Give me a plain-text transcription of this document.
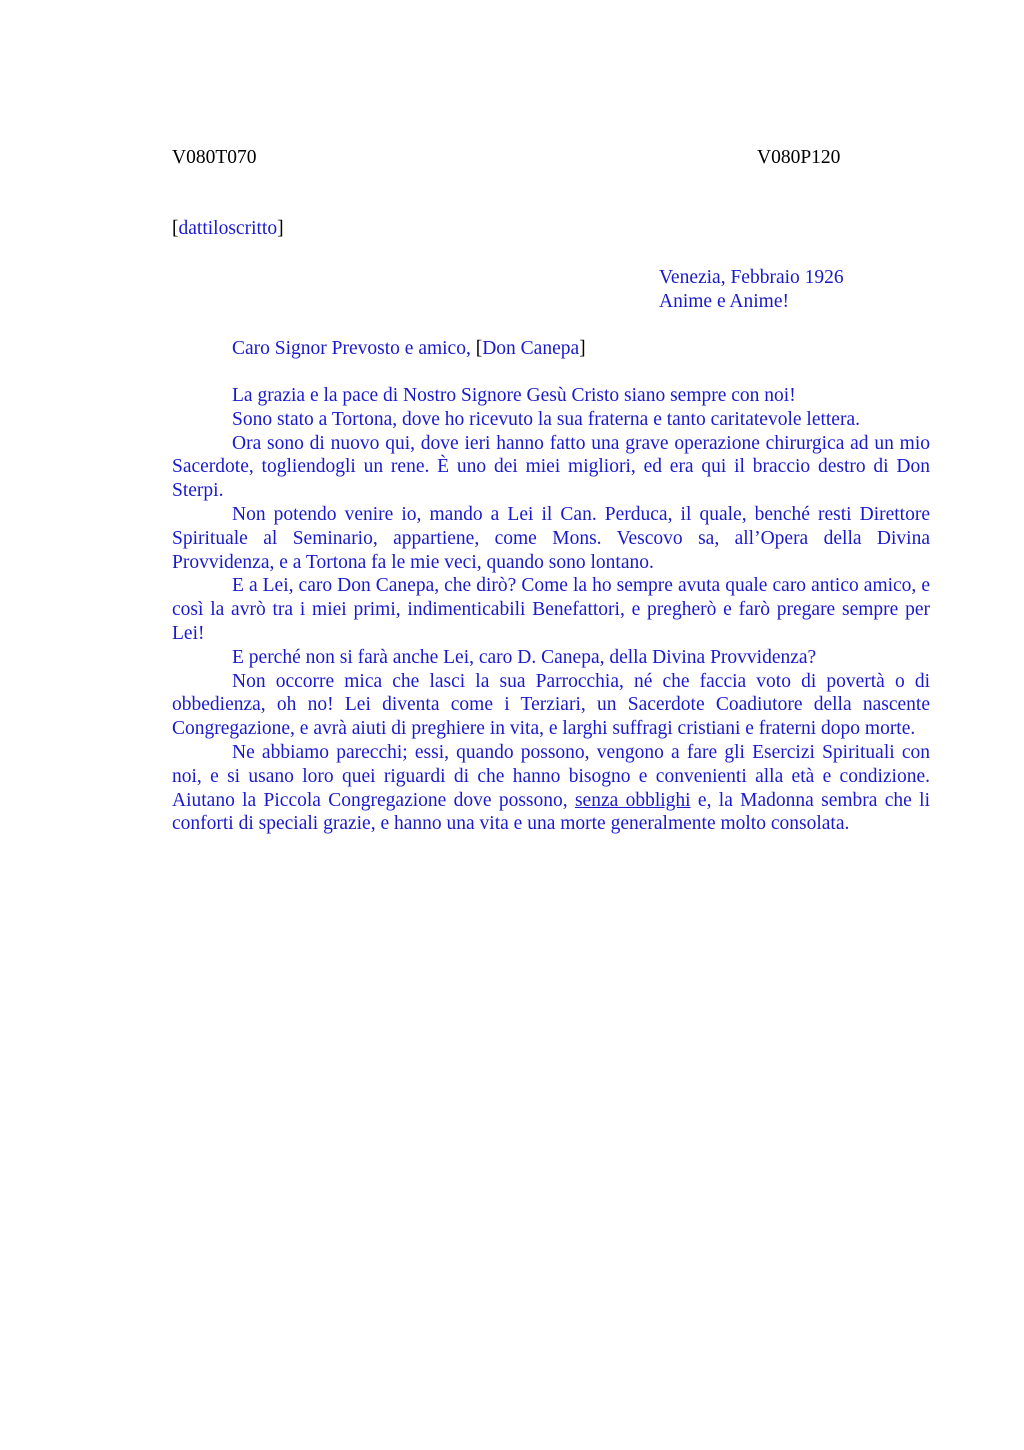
V080T070	V080P120
[dattiloscritto]
Venezia, Febbraio 1926
Anime e Anime!
Caro Signor Prevosto e amico, [Don Canepa]

La grazia e la pace di Nostro Signore Gesù Cristo siano sempre con noi!

Sono stato a Tortona, dove ho ricevuto la sua fraterna e tanto caritatevole lettera.

Ora sono di nuovo qui, dove ieri hanno fatto una grave operazione chirurgica ad un mio Sacerdote, togliendogli un rene. È uno dei miei migliori, ed era qui il braccio destro di Don Sterpi.

Non potendo venire io, mando a Lei il Can. Perduca, il quale, benché resti Direttore Spirituale al Seminario, appartiene, come Mons. Vescovo sa, all’Opera della Divina Provvidenza, e a Tortona fa le mie veci, quando sono lontano.

E a Lei, caro Don Canepa, che dirò? Come la ho sempre avuta quale caro antico amico, e così la avrò tra i miei primi, indimenticabili Benefattori, e pregherò e farò pregare sempre per Lei!

E perché non si farà anche Lei, caro D. Canepa, della Divina Provvidenza?

Non occorre mica che lasci la sua Parrocchia, né che faccia voto di povertà o di obbedienza, oh no! Lei diventa come i Terziari, un Sacerdote Coadiutore della nascente Congregazione, e avrà aiuti di preghiere in vita, e larghi suffragi cristiani e fraterni dopo morte.

Ne abbiamo parecchi; essi, quando possono, vengono a fare gli Esercizi Spirituali con noi, e si usano loro quei riguardi di che hanno bisogno e convenienti alla età e condizione. Aiutano la Piccola Congregazione dove possono, senza obblighi e, la Madonna sembra che li conforti di speciali grazie, e hanno una vita e una morte generalmente molto consolata.
